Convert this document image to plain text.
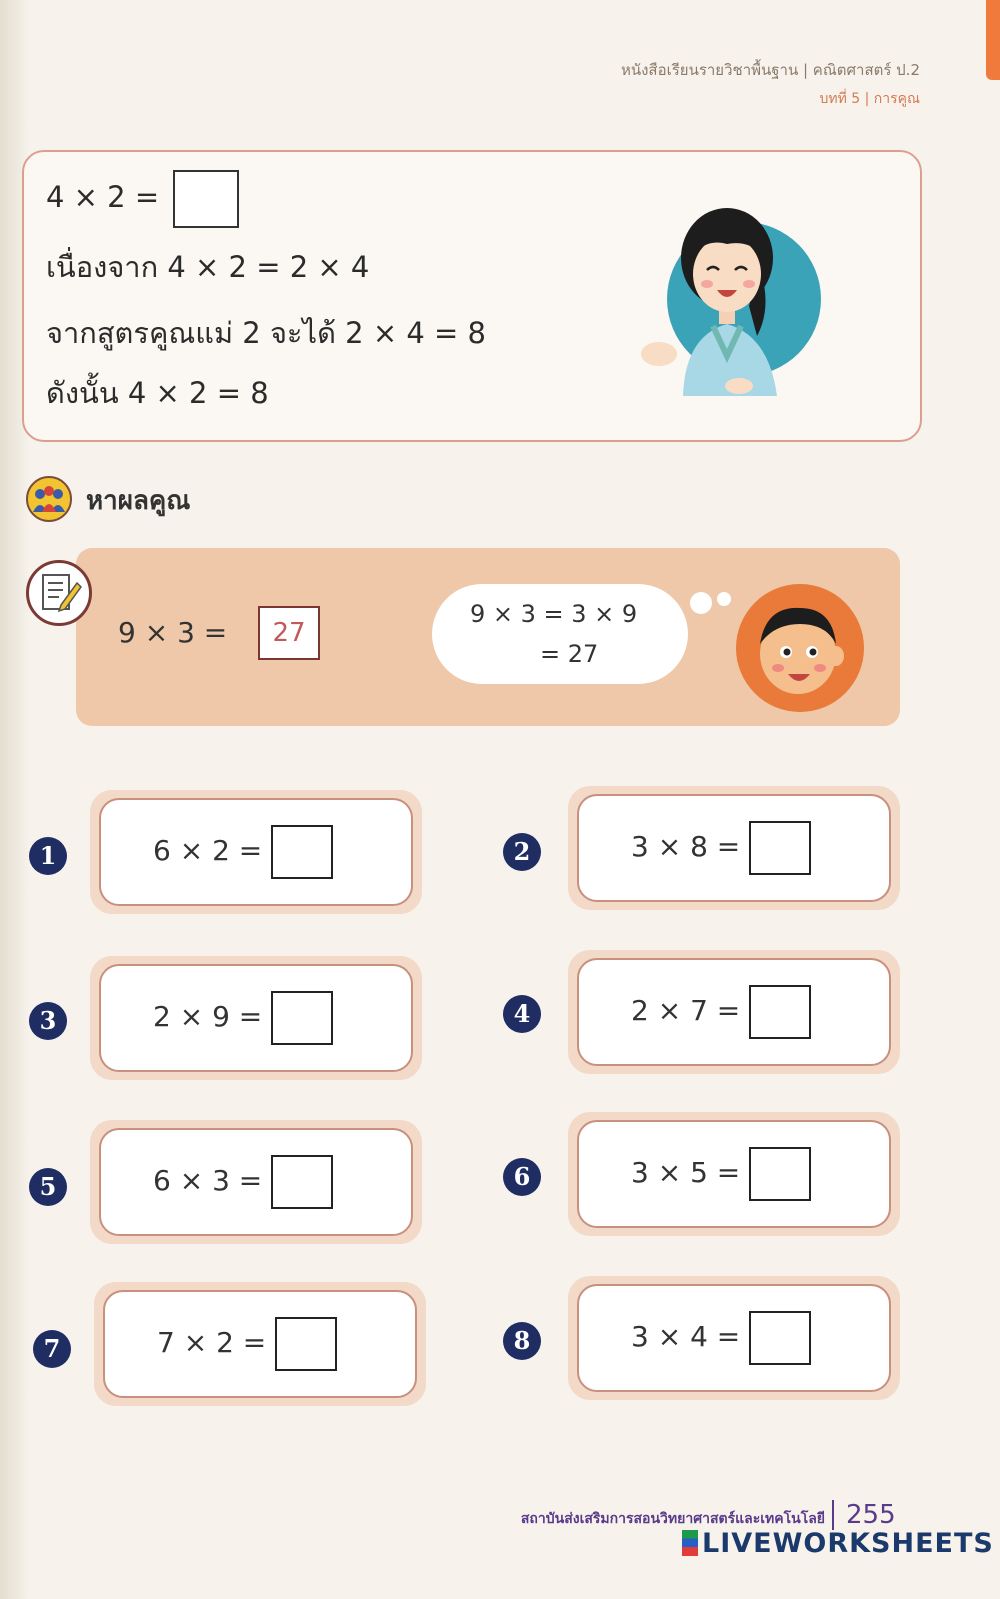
หนังสือเรียนรายวิชาพื้นฐาน | คณิตศาสตร์ ป.2
บทที่ 5 | การคูณ
4 × 2 =
เนื่องจาก 4 × 2 = 2 × 4
จากสูตรคูณแม่ 2 จะได้ 2 × 4 = 8
ดังนั้น 4 × 2 = 8
หาผลคูณ
9 × 3 =	27
9 × 3 = 3 × 9
= 27
1	6 × 2 =	2	3 × 8 =
3	2 × 9 =	4	2 × 7 =
5	6 × 3 =	6	3 × 5 =
7	7 × 2 =	8	3 × 4 =
สถาบันส่งเสริมการสอนวิทยาศาสตร์และเทคโนโลยี 255
LIVEWORKSHEETS
